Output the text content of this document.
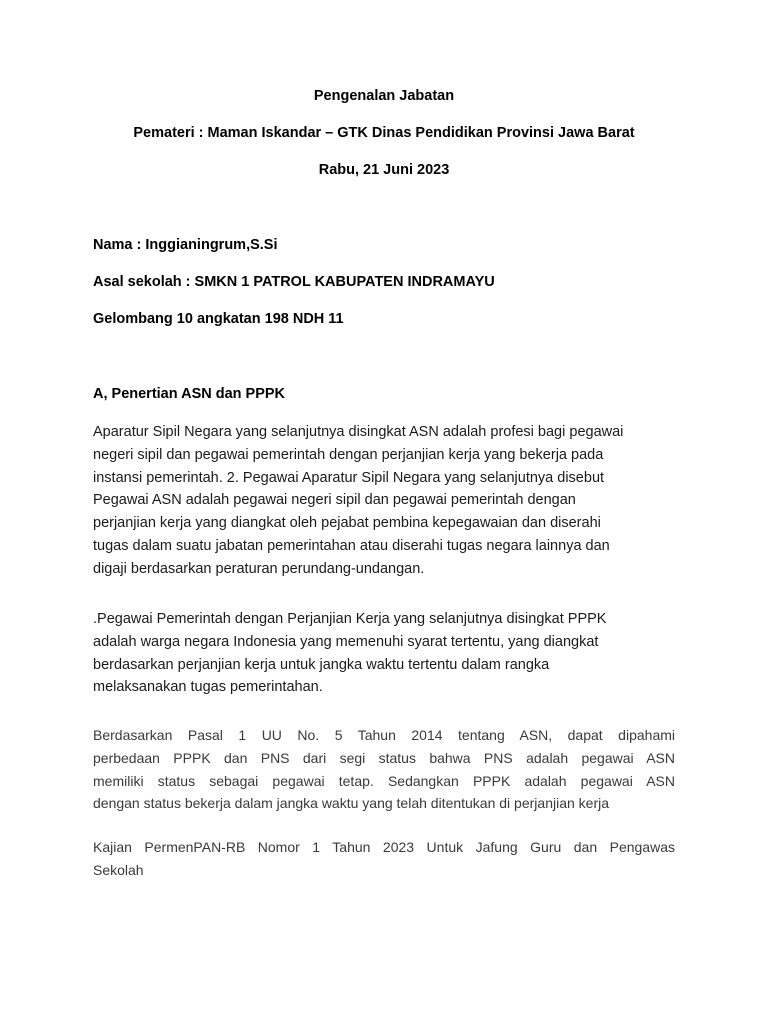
Pengenalan Jabatan
Pemateri : Maman Iskandar – GTK Dinas Pendidikan Provinsi Jawa Barat
Rabu, 21 Juni 2023
Nama : Inggianingrum,S.Si
Asal sekolah : SMKN 1 PATROL KABUPATEN INDRAMAYU
Gelombang 10 angkatan 198 NDH 11
A, Penertian ASN dan PPPK
Aparatur Sipil Negara yang selanjutnya disingkat ASN adalah profesi bagi pegawai
negeri sipil dan pegawai pemerintah dengan perjanjian kerja yang bekerja pada
instansi pemerintah. 2. Pegawai Aparatur Sipil Negara yang selanjutnya disebut
Pegawai ASN adalah pegawai negeri sipil dan pegawai pemerintah dengan
perjanjian kerja yang diangkat oleh pejabat pembina kepegawaian dan diserahi
tugas dalam suatu jabatan pemerintahan atau diserahi tugas negara lainnya dan
digaji berdasarkan peraturan perundang-undangan.
.Pegawai Pemerintah dengan Perjanjian Kerja yang selanjutnya disingkat PPPK
adalah warga negara Indonesia yang memenuhi syarat tertentu, yang diangkat
berdasarkan perjanjian kerja untuk jangka waktu tertentu dalam rangka
melaksanakan tugas pemerintahan.
Berdasarkan Pasal 1 UU No. 5 Tahun 2014 tentang ASN, dapat dipahami
perbedaan PPPK dan PNS dari segi status bahwa PNS adalah pegawai ASN
memiliki status sebagai pegawai tetap. Sedangkan PPPK adalah pegawai ASN
dengan status bekerja dalam jangka waktu yang telah ditentukan di perjanjian kerja
Kajian PermenPAN-RB Nomor 1 Tahun 2023 Untuk Jafung Guru dan Pengawas
Sekolah
